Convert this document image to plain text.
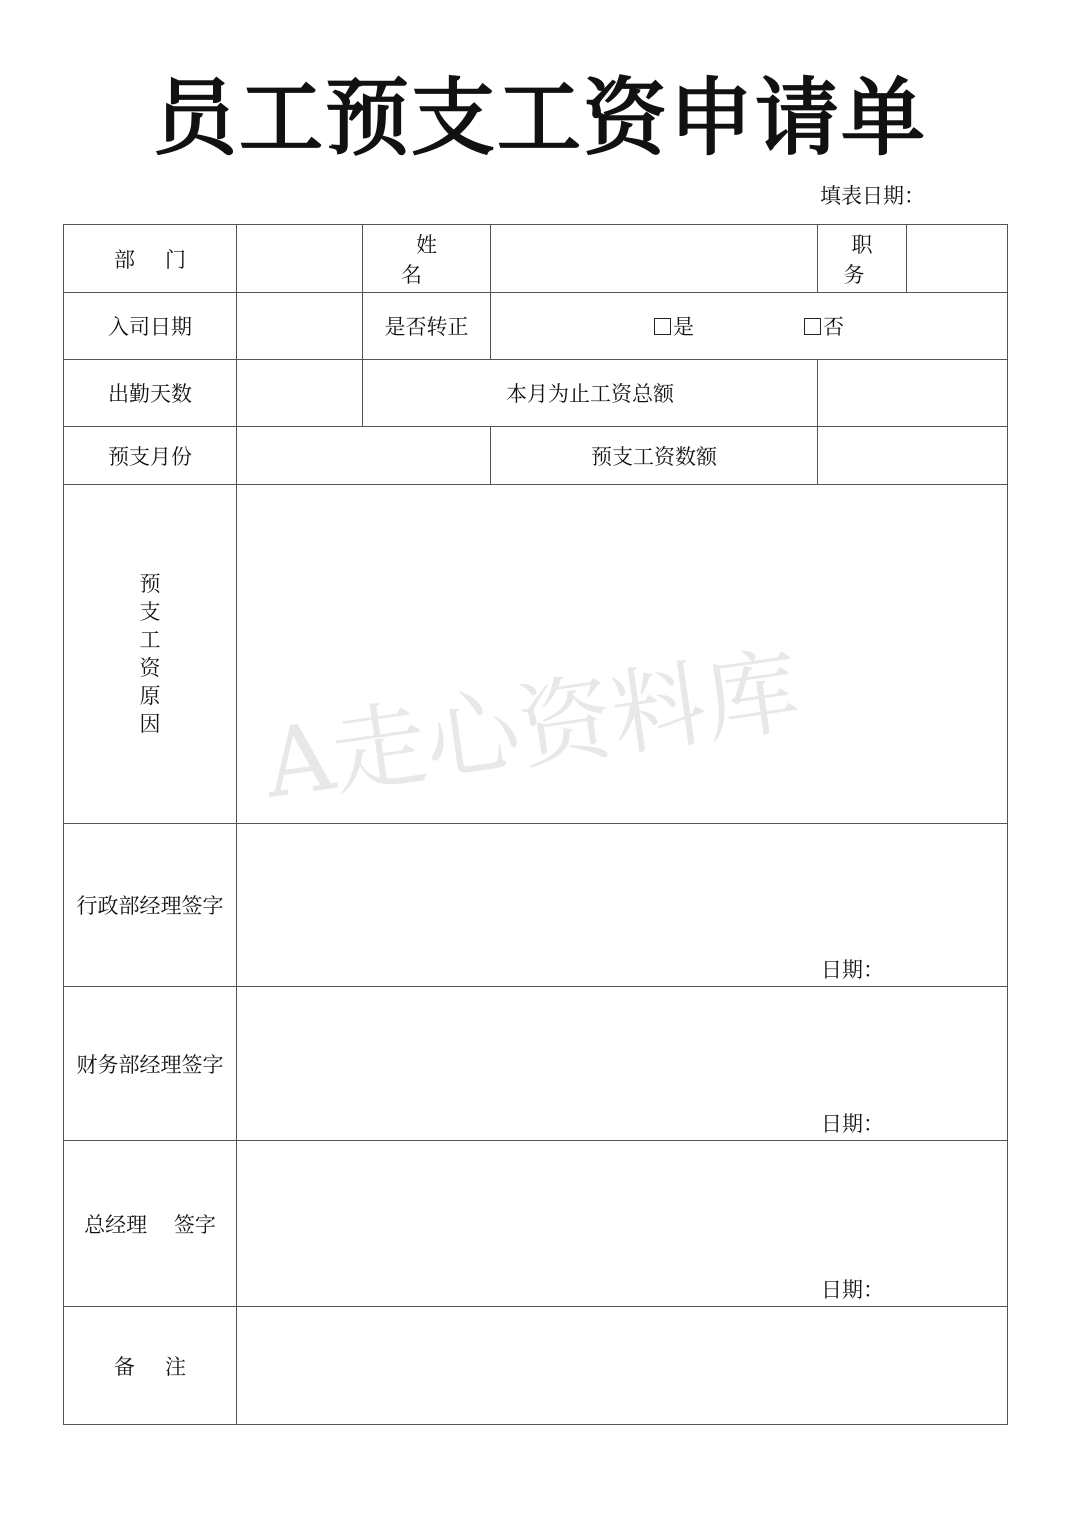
员工预支工资申请单
填表日期：
部门		姓名		职务	
入司日期		是否转正	是 否		

出勤天数		本月为止工资总额			
预支月份			预支工资数额		
预支工资原因					
行政部经理签字	日期：				

财务部经理签字	日期：				

总经理 签字	日期：				

备注					
A走心资料库
